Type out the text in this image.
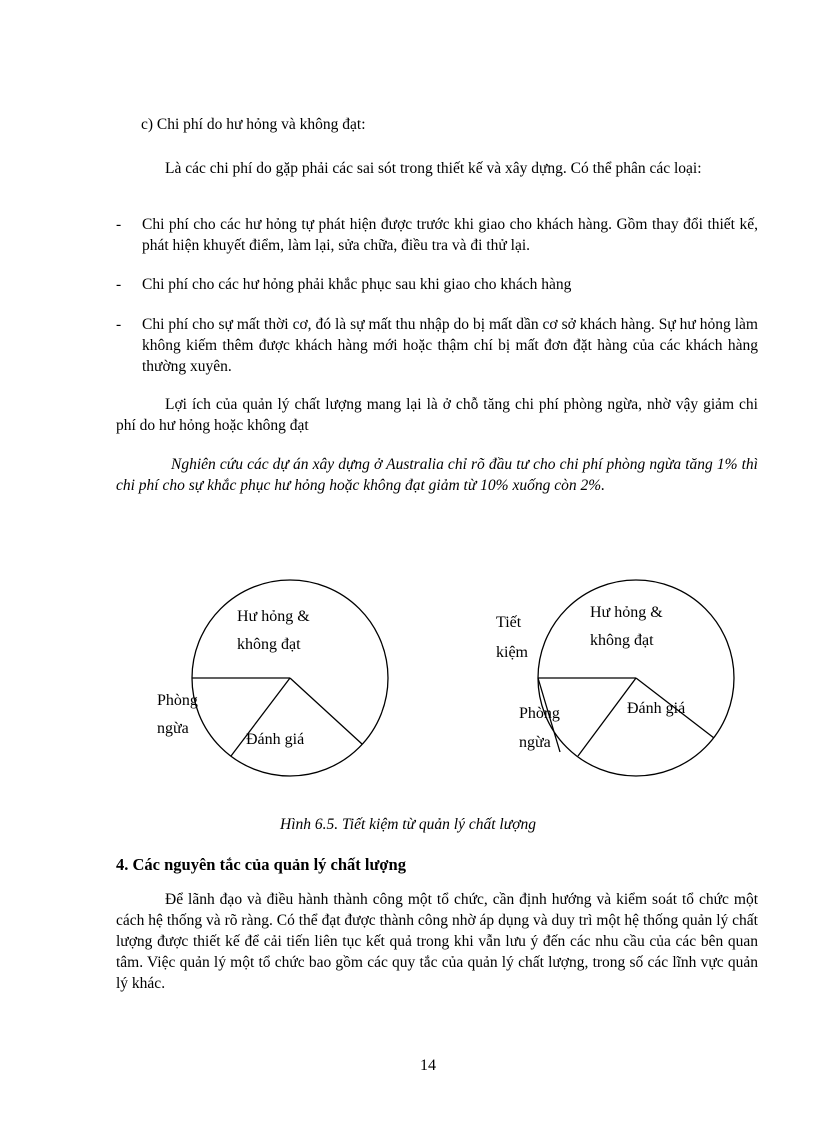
c) Chi phí do hư hỏng và không đạt:

Là các chi phí do gặp phải các sai sót trong thiết kế và xây dựng. Có thể phân các loại:

- Chi phí cho các hư hỏng tự phát hiện được trước khi giao cho khách hàng. Gồm thay đổi thiết kế, phát hiện khuyết điểm, làm lại, sửa chữa, điều tra và đi thử lại.

- Chi phí cho các hư hỏng phải khắc phục sau khi giao cho khách hàng

- Chi phí cho sự mất thời cơ, đó là sự mất thu nhập do bị mất dần cơ sở khách hàng. Sự hư hỏng làm không kiếm thêm được khách hàng mới hoặc thậm chí bị mất đơn đặt hàng của các khách hàng thường xuyên.

Lợi ích của quản lý chất lượng mang lại là ở chỗ tăng chi phí phòng ngừa, nhờ vậy giảm chi phí do hư hỏng hoặc không đạt

Nghiên cứu các dự án xây dựng ở Australia chỉ rõ đầu tư cho chi phí phòng ngừa tăng 1% thì chi phí cho sự khắc phục hư hỏng hoặc không đạt giảm từ 10% xuống còn 2%.

Hư hỏng &
không đạt
Phòng
ngừa
Đánh giá
Hư hỏng &
không đạt
Tiết
kiệm
Phòng
ngừa
Đánh giá

Hình 6.5. Tiết kiệm từ quản lý chất lượng

4. Các nguyên tắc của quản lý chất lượng

Để lãnh đạo và điều hành thành công một tổ chức, cần định hướng và kiểm soát tổ chức một cách hệ thống và rõ ràng. Có thể đạt được thành công nhờ áp dụng và duy trì một hệ thống quản lý chất lượng được thiết kế để cải tiến liên tục kết quả trong khi vẫn lưu ý đến các nhu cầu của các bên quan tâm. Việc quản lý một tổ chức bao gồm các quy tắc của quản lý chất lượng, trong số các lĩnh vực quản lý khác.

14
